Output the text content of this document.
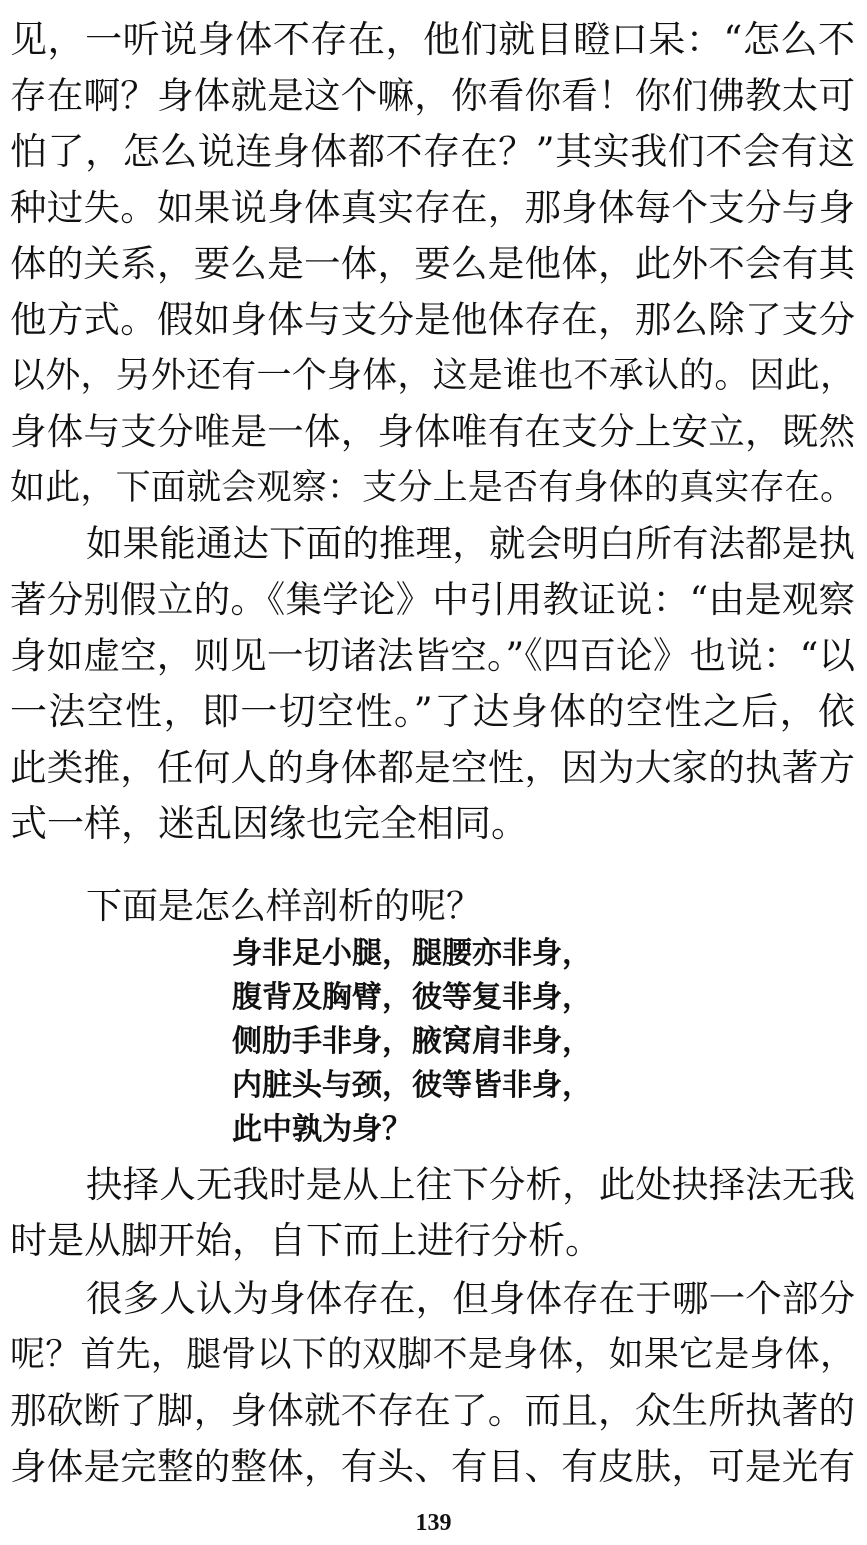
见，一听说身体不存在，他们就目瞪口呆：“怎么不
存在啊？身体就是这个嘛，你看你看！你们佛教太可
怕了，怎么说连身体都不存在？”其实我们不会有这
种过失。如果说身体真实存在，那身体每个支分与身
体的关系，要么是一体，要么是他体，此外不会有其
他方式。假如身体与支分是他体存在，那么除了支分
以外，另外还有一个身体，这是谁也不承认的。因此，
身体与支分唯是一体，身体唯有在支分上安立，既然
如此，下面就会观察：支分上是否有身体的真实存在。
如果能通达下面的推理，就会明白所有法都是执
著分别假立的。《集学论》中引用教证说：“由是观察
身如虚空，则见一切诸法皆空。”《四百论》也说：“以
一法空性，即一切空性。”了达身体的空性之后，依
此类推，任何人的身体都是空性，因为大家的执著方
式一样，迷乱因缘也完全相同。
下面是怎么样剖析的呢？
身非足小腿，腿腰亦非身，
腹背及胸臂，彼等复非身，
侧肋手非身，腋窝肩非身，
内脏头与颈，彼等皆非身，
此中孰为身？
抉择人无我时是从上往下分析，此处抉择法无我
时是从脚开始，自下而上进行分析。
很多人认为身体存在，但身体存在于哪一个部分
呢？首先，腿骨以下的双脚不是身体，如果它是身体，
那砍断了脚，身体就不存在了。而且，众生所执著的
身体是完整的整体，有头、有目、有皮肤，可是光有
139
